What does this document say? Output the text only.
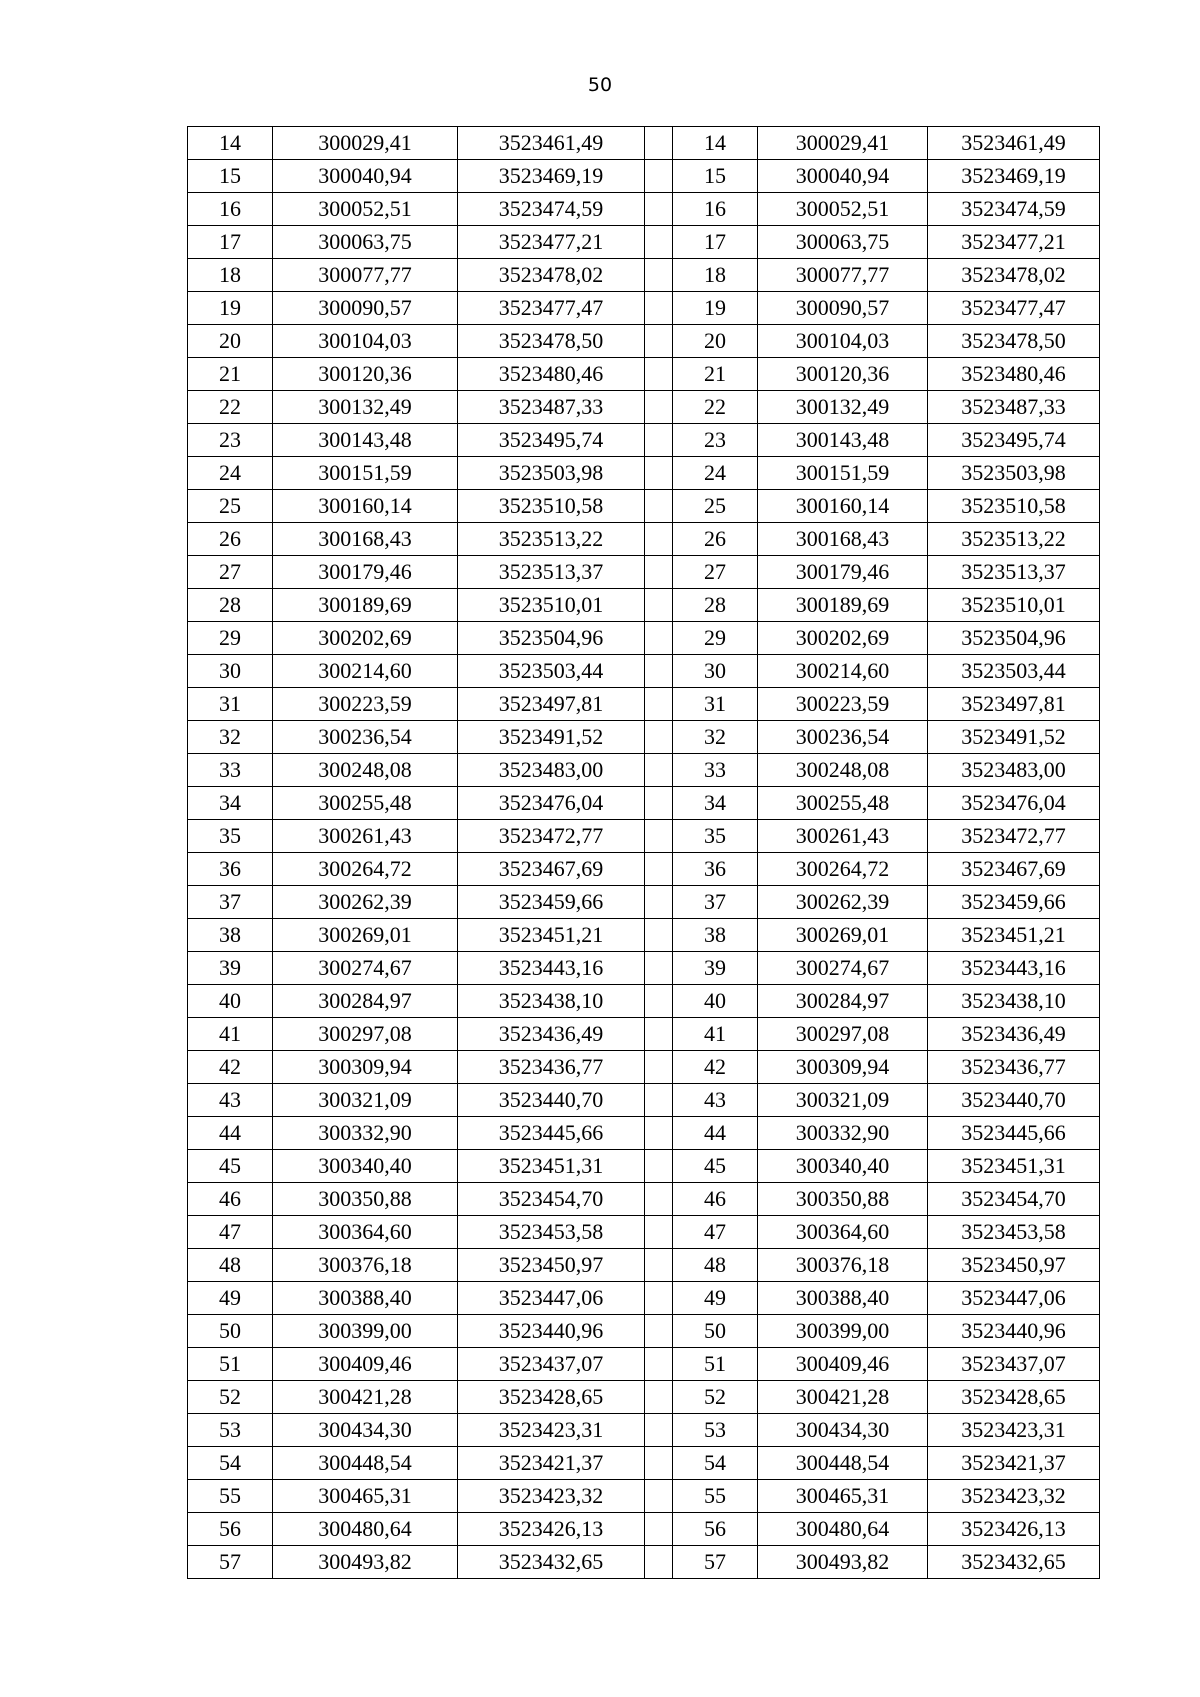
50
14	300029,41	3523461,49		14	300029,41	3523461,49
15	300040,94	3523469,19		15	300040,94	3523469,19
16	300052,51	3523474,59		16	300052,51	3523474,59
17	300063,75	3523477,21		17	300063,75	3523477,21
18	300077,77	3523478,02		18	300077,77	3523478,02
19	300090,57	3523477,47		19	300090,57	3523477,47
20	300104,03	3523478,50		20	300104,03	3523478,50
21	300120,36	3523480,46		21	300120,36	3523480,46
22	300132,49	3523487,33		22	300132,49	3523487,33
23	300143,48	3523495,74		23	300143,48	3523495,74
24	300151,59	3523503,98		24	300151,59	3523503,98
25	300160,14	3523510,58		25	300160,14	3523510,58
26	300168,43	3523513,22		26	300168,43	3523513,22
27	300179,46	3523513,37		27	300179,46	3523513,37
28	300189,69	3523510,01		28	300189,69	3523510,01
29	300202,69	3523504,96		29	300202,69	3523504,96
30	300214,60	3523503,44		30	300214,60	3523503,44
31	300223,59	3523497,81		31	300223,59	3523497,81
32	300236,54	3523491,52		32	300236,54	3523491,52
33	300248,08	3523483,00		33	300248,08	3523483,00
34	300255,48	3523476,04		34	300255,48	3523476,04
35	300261,43	3523472,77		35	300261,43	3523472,77
36	300264,72	3523467,69		36	300264,72	3523467,69
37	300262,39	3523459,66		37	300262,39	3523459,66
38	300269,01	3523451,21		38	300269,01	3523451,21
39	300274,67	3523443,16		39	300274,67	3523443,16
40	300284,97	3523438,10		40	300284,97	3523438,10
41	300297,08	3523436,49		41	300297,08	3523436,49
42	300309,94	3523436,77		42	300309,94	3523436,77
43	300321,09	3523440,70		43	300321,09	3523440,70
44	300332,90	3523445,66		44	300332,90	3523445,66
45	300340,40	3523451,31		45	300340,40	3523451,31
46	300350,88	3523454,70		46	300350,88	3523454,70
47	300364,60	3523453,58		47	300364,60	3523453,58
48	300376,18	3523450,97		48	300376,18	3523450,97
49	300388,40	3523447,06		49	300388,40	3523447,06
50	300399,00	3523440,96		50	300399,00	3523440,96
51	300409,46	3523437,07		51	300409,46	3523437,07
52	300421,28	3523428,65		52	300421,28	3523428,65
53	300434,30	3523423,31		53	300434,30	3523423,31
54	300448,54	3523421,37		54	300448,54	3523421,37
55	300465,31	3523423,32		55	300465,31	3523423,32
56	300480,64	3523426,13		56	300480,64	3523426,13
57	300493,82	3523432,65		57	300493,82	3523432,65
